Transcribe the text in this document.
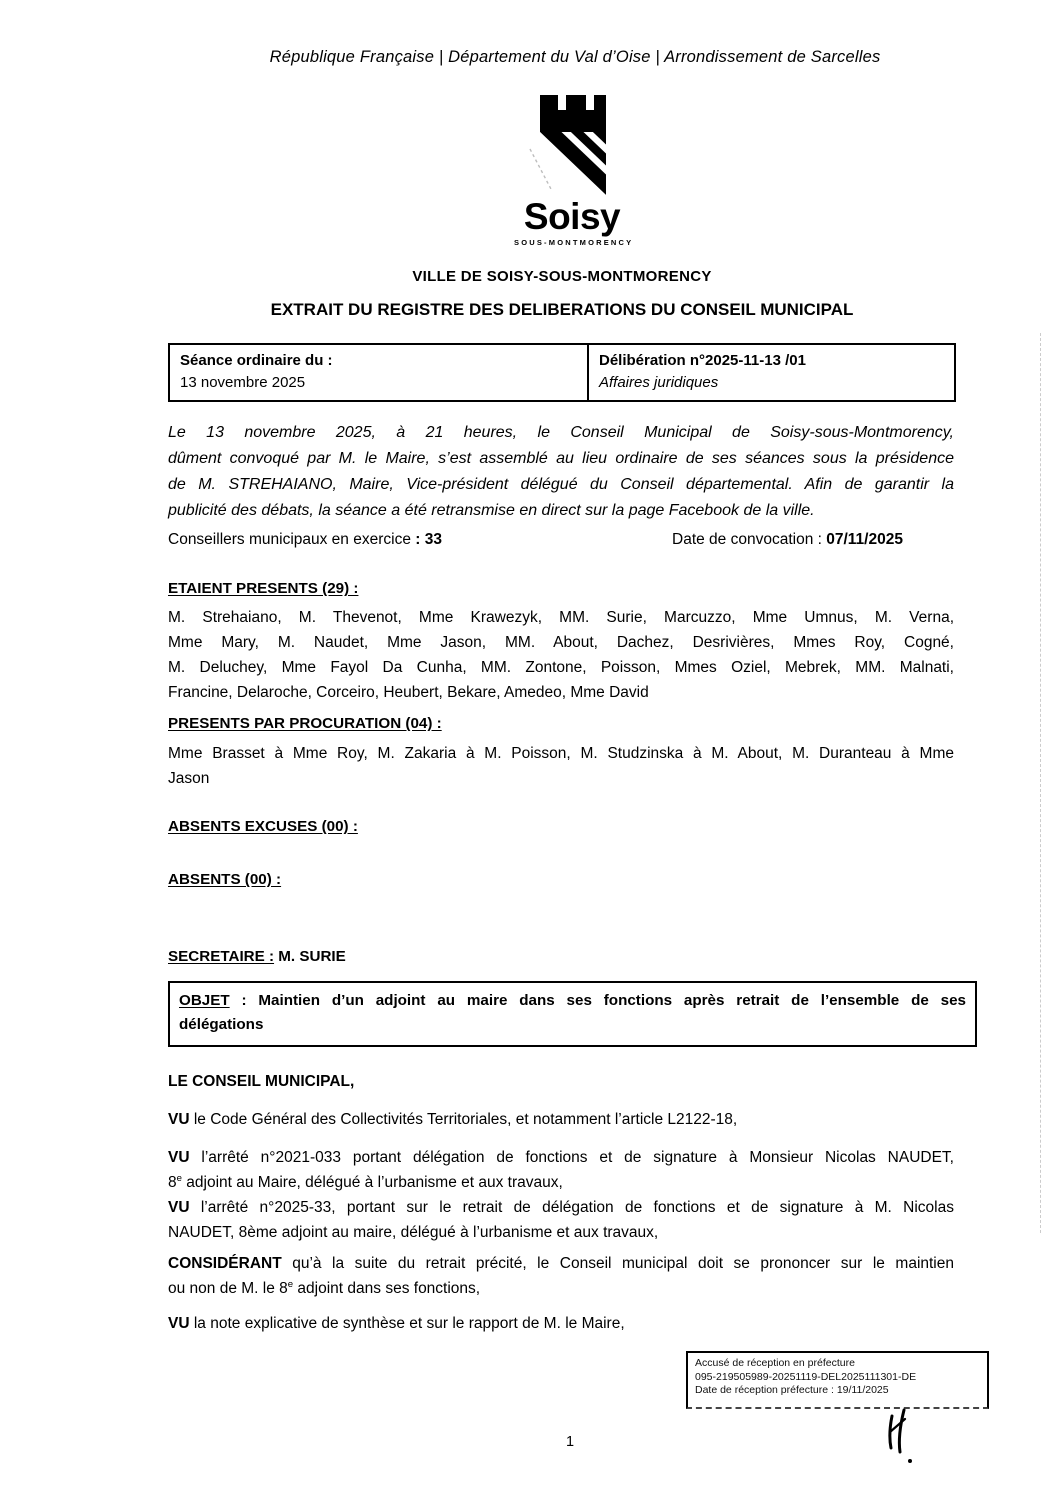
République Française | Département du Val d’Oise | Arrondissement de Sarcelles
Soisy
SOUS-MONTMORENCY
VILLE DE SOISY-SOUS-MONTMORENCY
EXTRAIT DU REGISTRE DES DELIBERATIONS DU CONSEIL MUNICIPAL
Séance ordinaire du :
13 novembre 2025
Délibération n°2025-11-13 /01
Affaires juridiques
Le 13 novembre 2025, à 21 heures, le Conseil Municipal de Soisy-sous-Montmorency,
dûment convoqué par M. le Maire, s’est assemblé au lieu ordinaire de ses séances sous la présidence
de M. STREHAIANO, Maire, Vice-président délégué du Conseil départemental. Afin de garantir la
publicité des débats, la séance a été retransmise en direct sur la page Facebook de la ville.
Conseillers municipaux en exercice : 33	Date de convocation : 07/11/2025
ETAIENT PRESENTS (29) :
M. Strehaiano, M. Thevenot, Mme Krawezyk, MM. Surie, Marcuzzo, Mme Umnus, M. Verna,
Mme Mary, M. Naudet, Mme Jason, MM. About, Dachez, Desrivières, Mmes Roy, Cogné,
M. Deluchey, Mme Fayol Da Cunha, MM. Zontone, Poisson, Mmes Oziel, Mebrek, MM. Malnati,
Francine, Delaroche, Corceiro, Heubert, Bekare, Amedeo, Mme David
PRESENTS PAR PROCURATION (04) :
Mme Brasset à Mme Roy, M. Zakaria à M. Poisson, M. Studzinska à M. About, M. Duranteau à Mme
Jason
ABSENTS EXCUSES (00) :
ABSENTS (00) :
SECRETAIRE : M. SURIE
OBJET : Maintien d’un adjoint au maire dans ses fonctions après retrait de l’ensemble de ses
délégations
LE CONSEIL MUNICIPAL,
VU le Code Général des Collectivités Territoriales, et notamment l’article L2122-18,
VU l’arrêté n°2021-033 portant délégation de fonctions et de signature à Monsieur Nicolas NAUDET,
8e adjoint au Maire, délégué à l’urbanisme et aux travaux,
VU l’arrêté n°2025-33, portant sur le retrait de délégation de fonctions et de signature à M. Nicolas
NAUDET, 8ème adjoint au maire, délégué à l’urbanisme et aux travaux,
CONSIDÉRANT qu’à la suite du retrait précité, le Conseil municipal doit se prononcer sur le maintien
ou non de M. le 8e adjoint dans ses fonctions,
VU la note explicative de synthèse et sur le rapport de M. le Maire,
Accusé de réception en préfecture
095-219505989-20251119-DEL2025111301-DE
Date de réception préfecture : 19/11/2025
1
